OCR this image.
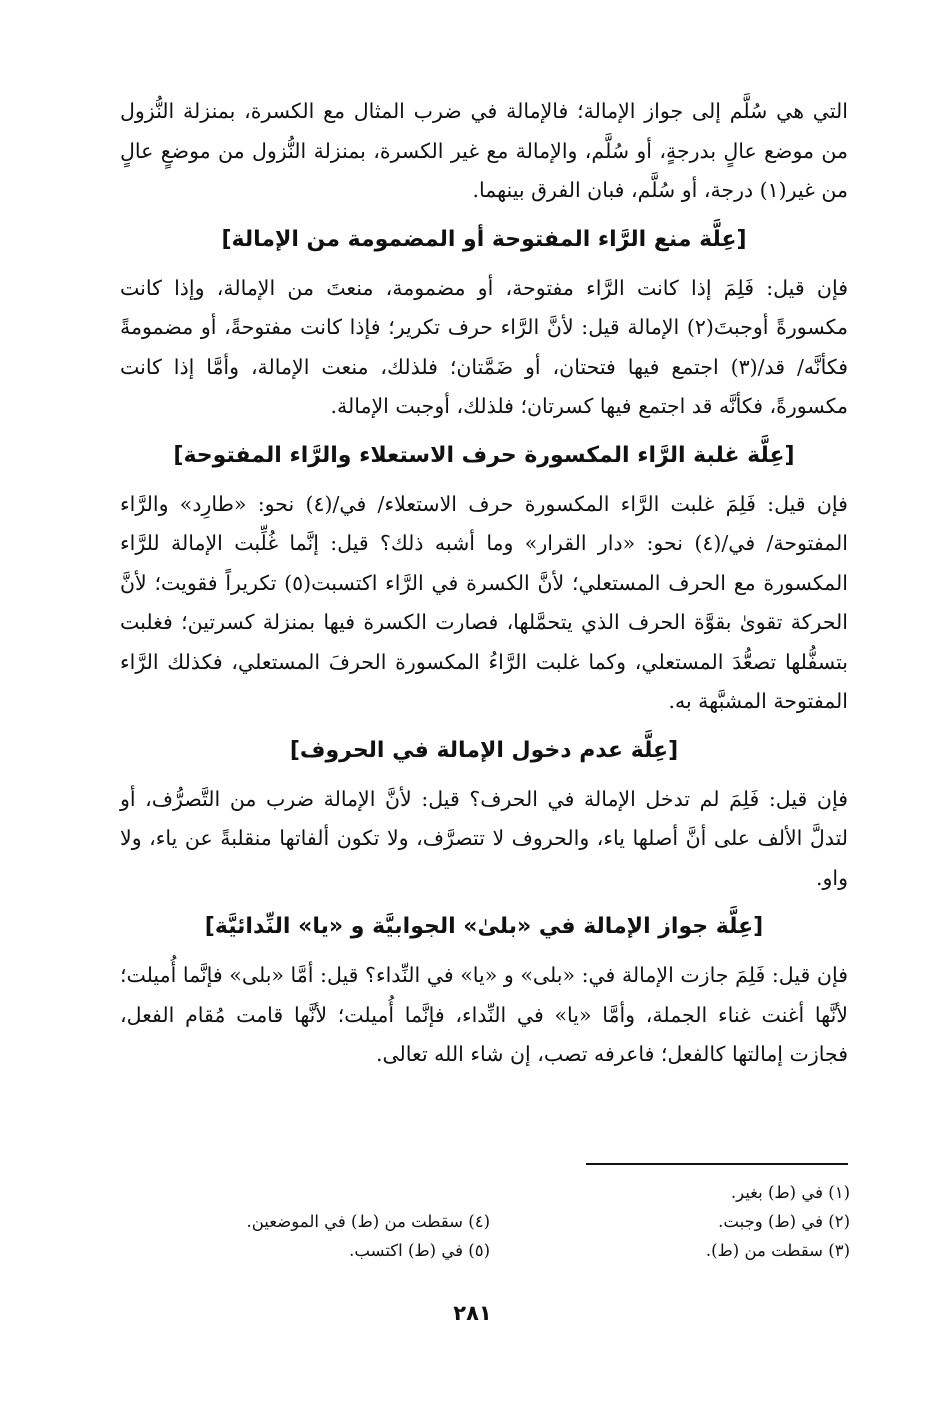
التي هي سُلَّم إلى جواز الإمالة؛ فالإمالة في ضرب المثال مع الكسرة، بمنزلة النُّزول من موضع عالٍ بدرجةٍ، أو سُلَّم، والإمالة مع غير الكسرة، بمنزلة النُّزول من موضعٍ عالٍ من غير(١) درجة، أو سُلَّم، فبان الفرق بينهما.

[عِلَّة منع الرَّاء المفتوحة أو المضمومة من الإمالة]

فإن قيل: فَلِمَ إذا كانت الرَّاء مفتوحة، أو مضمومة، منعتَ من الإمالة، وإذا كانت مكسورةً أوجبتَ(٢) الإمالة قيل: لأنَّ الرَّاء حرف تكرير؛ فإذا كانت مفتوحةً، أو مضمومةً فكأنَّه/ قد/(٣) اجتمع فيها فتحتان، أو ضَمَّتان؛ فلذلك، منعت الإمالة، وأمَّا إذا كانت مكسورةً، فكأنَّه قد اجتمع فيها كسرتان؛ فلذلك، أوجبت الإمالة.

[عِلَّة غلبة الرَّاء المكسورة حرف الاستعلاء والرَّاء المفتوحة]

فإن قيل: فَلِمَ غلبت الرَّاء المكسورة حرف الاستعلاء/ في/(٤) نحو: «طارِد» والرَّاء المفتوحة/ في/(٤) نحو: «دار القرار» وما أشبه ذلك؟ قيل: إنَّما غُلِّبت الإمالة للرَّاء المكسورة مع الحرف المستعلي؛ لأنَّ الكسرة في الرَّاء اكتسبت(٥) تكريراً فقويت؛ لأنَّ الحركة تقوىٰ بقوَّة الحرف الذي يتحمَّلها، فصارت الكسرة فيها بمنزلة كسرتين؛ فغلبت بتسفُّلها تصعُّدَ المستعلي، وكما غلبت الرَّاءُ المكسورة الحرفَ المستعلي، فكذلك الرَّاء المفتوحة المشبَّهة به.

[عِلَّة عدم دخول الإمالة في الحروف]

فإن قيل: فَلِمَ لم تدخل الإمالة في الحرف؟ قيل: لأنَّ الإمالة ضرب من التَّصرُّف، أو لتدلَّ الألف على أنَّ أصلها ياء، والحروف لا تتصرَّف، ولا تكون ألفاتها منقلبةً عن ياء، ولا واو.

[عِلَّة جواز الإمالة في «بلىٰ» الجوابيَّة و «يا» النِّدائيَّة]

فإن قيل: فَلِمَ جازت الإمالة في: «بلى» و «يا» في النِّداء؟ قيل: أمَّا «بلى» فإنَّما أُميلت؛ لأنَّها أغنت غناء الجملة، وأمَّا «يا» في النِّداء، فإنَّما أُميلت؛ لأنَّها قامت مُقام الفعل، فجازت إمالتها كالفعل؛ فاعرفه تصب، إن شاء الله تعالى.

(١) في (ط) بغير.
(٢) في (ط) وجبت.
(٣) سقطت من (ط).
(٤) سقطت من (ط) في الموضعين.
(٥) في (ط) اكتسب.
٢٨١
